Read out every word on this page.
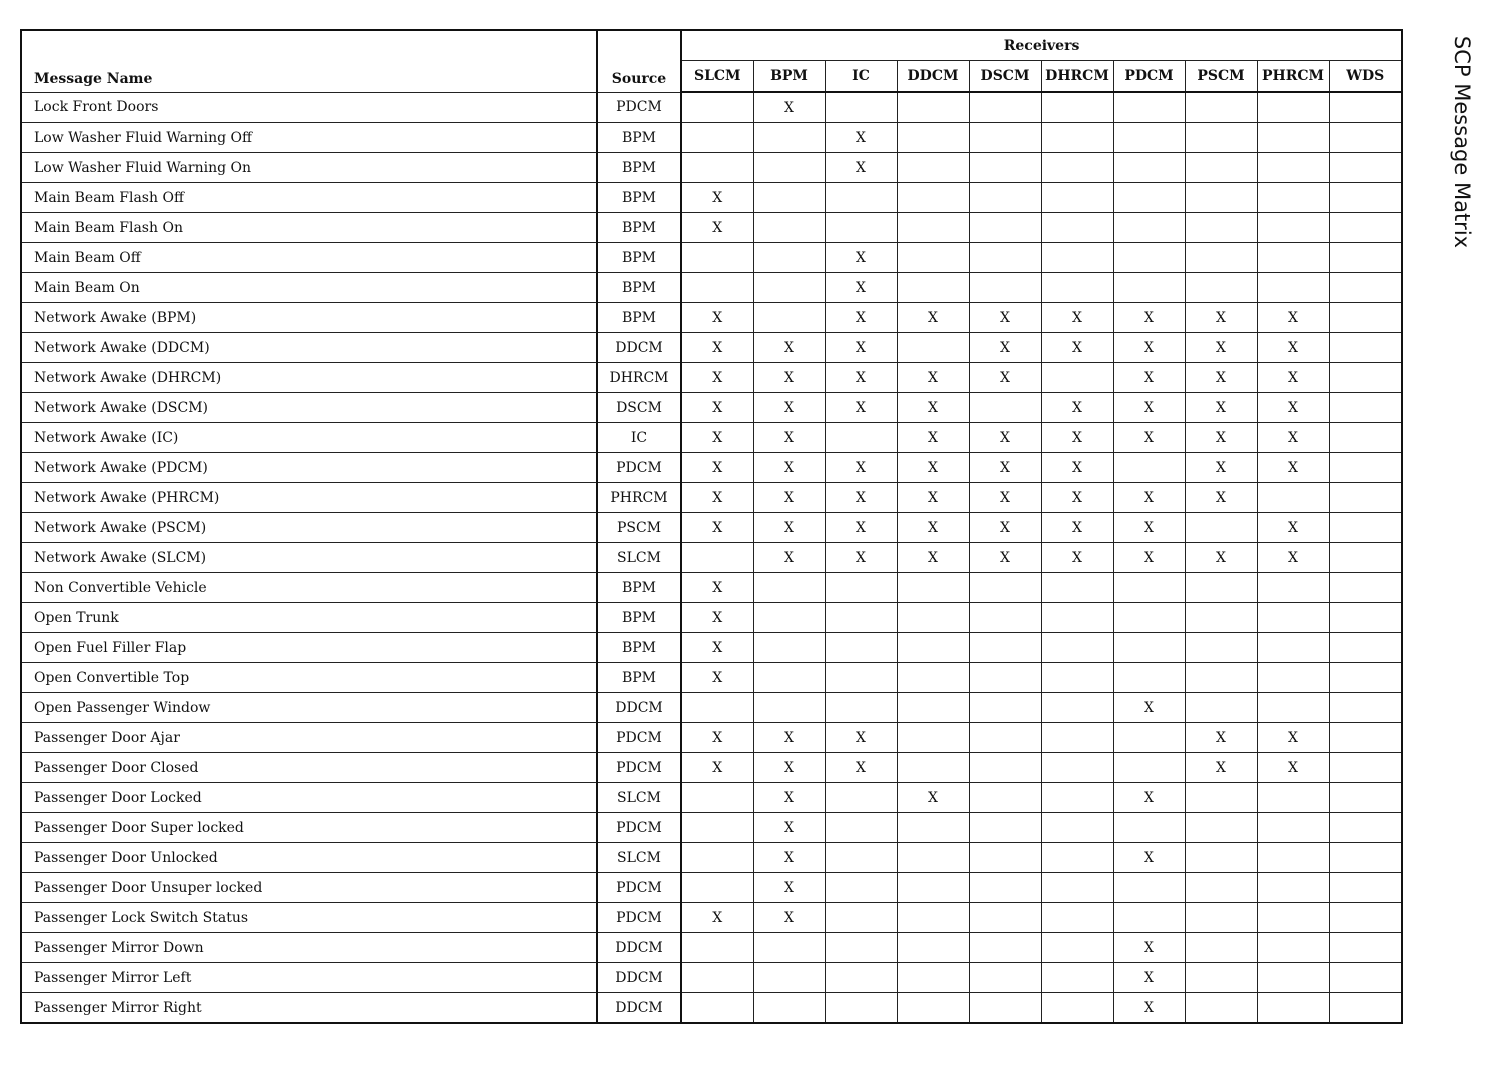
Message Name	Source	Receivers									
		SLCM	BPM	IC	DDCM	DSCM	DHRCM	PDCM	PSCM	PHRCM	WDS
Lock Front Doors	PDCM		X								
Low Washer Fluid Warning Off	BPM			X							
Low Washer Fluid Warning On	BPM			X							
Main Beam Flash Off	BPM	X									
Main Beam Flash On	BPM	X									
Main Beam Off	BPM			X							
Main Beam On	BPM			X							
Network Awake (BPM)	BPM	X		X	X	X	X	X	X	X	
Network Awake (DDCM)	DDCM	X	X	X		X	X	X	X	X	
Network Awake (DHRCM)	DHRCM	X	X	X	X	X		X	X	X	
Network Awake (DSCM)	DSCM	X	X	X	X		X	X	X	X	
Network Awake (IC)	IC	X	X		X	X	X	X	X	X	
Network Awake (PDCM)	PDCM	X	X	X	X	X	X		X	X	
Network Awake (PHRCM)	PHRCM	X	X	X	X	X	X	X	X		
Network Awake (PSCM)	PSCM	X	X	X	X	X	X	X		X	
Network Awake (SLCM)	SLCM		X	X	X	X	X	X	X	X	
Non Convertible Vehicle	BPM	X									
Open Trunk	BPM	X									
Open Fuel Filler Flap	BPM	X									
Open Convertible Top	BPM	X									
Open Passenger Window	DDCM							X			
Passenger Door Ajar	PDCM	X	X	X					X	X	
Passenger Door Closed	PDCM	X	X	X					X	X	
Passenger Door Locked	SLCM		X		X			X			
Passenger Door Super locked	PDCM		X								
Passenger Door Unlocked	SLCM		X					X			
Passenger Door Unsuper locked	PDCM		X								
Passenger Lock Switch Status	PDCM	X	X								
Passenger Mirror Down	DDCM							X			
Passenger Mirror Left	DDCM							X			
Passenger Mirror Right	DDCM							X			
SCP Message Matrix
